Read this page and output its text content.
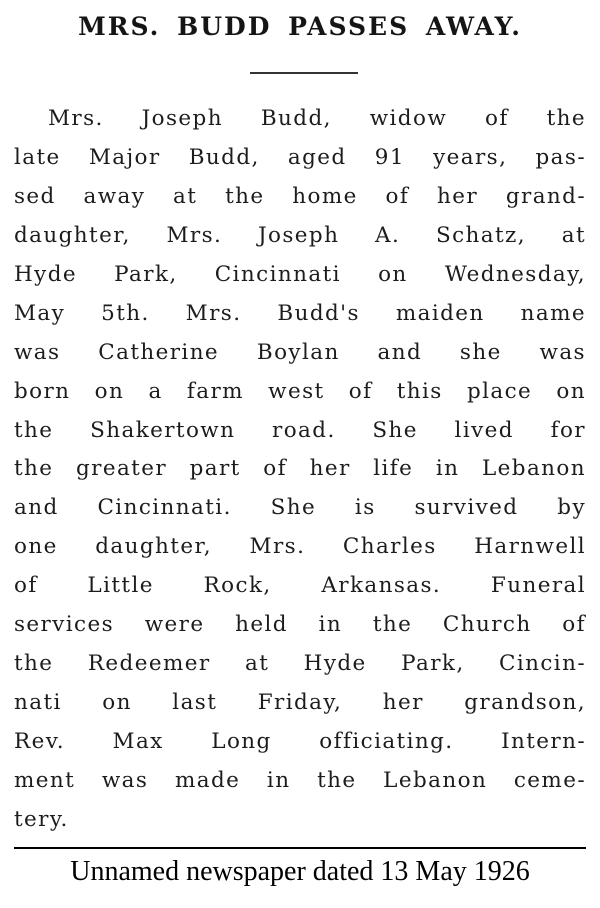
MRS. BUDD PASSES AWAY.
Mrs. Joseph Budd, widow of the
late Major Budd, aged 91 years, pas-
sed away at the home of her grand-
daughter, Mrs. Joseph A. Schatz, at
Hyde Park, Cincinnati on Wednesday,
May 5th. Mrs. Budd's maiden name
was Catherine Boylan and she was
born on a farm west of this place on
the Shakertown road. She lived for
the greater part of her life in Lebanon
and Cincinnati. She is survived by
one daughter, Mrs. Charles Harnwell
of Little Rock, Arkansas. Funeral
services were held in the Church of
the Redeemer at Hyde Park, Cincin-
nati on last Friday, her grandson,
Rev. Max Long officiating. Intern-
ment was made in the Lebanon ceme-
tery.
Unnamed newspaper dated 13 May 1926
